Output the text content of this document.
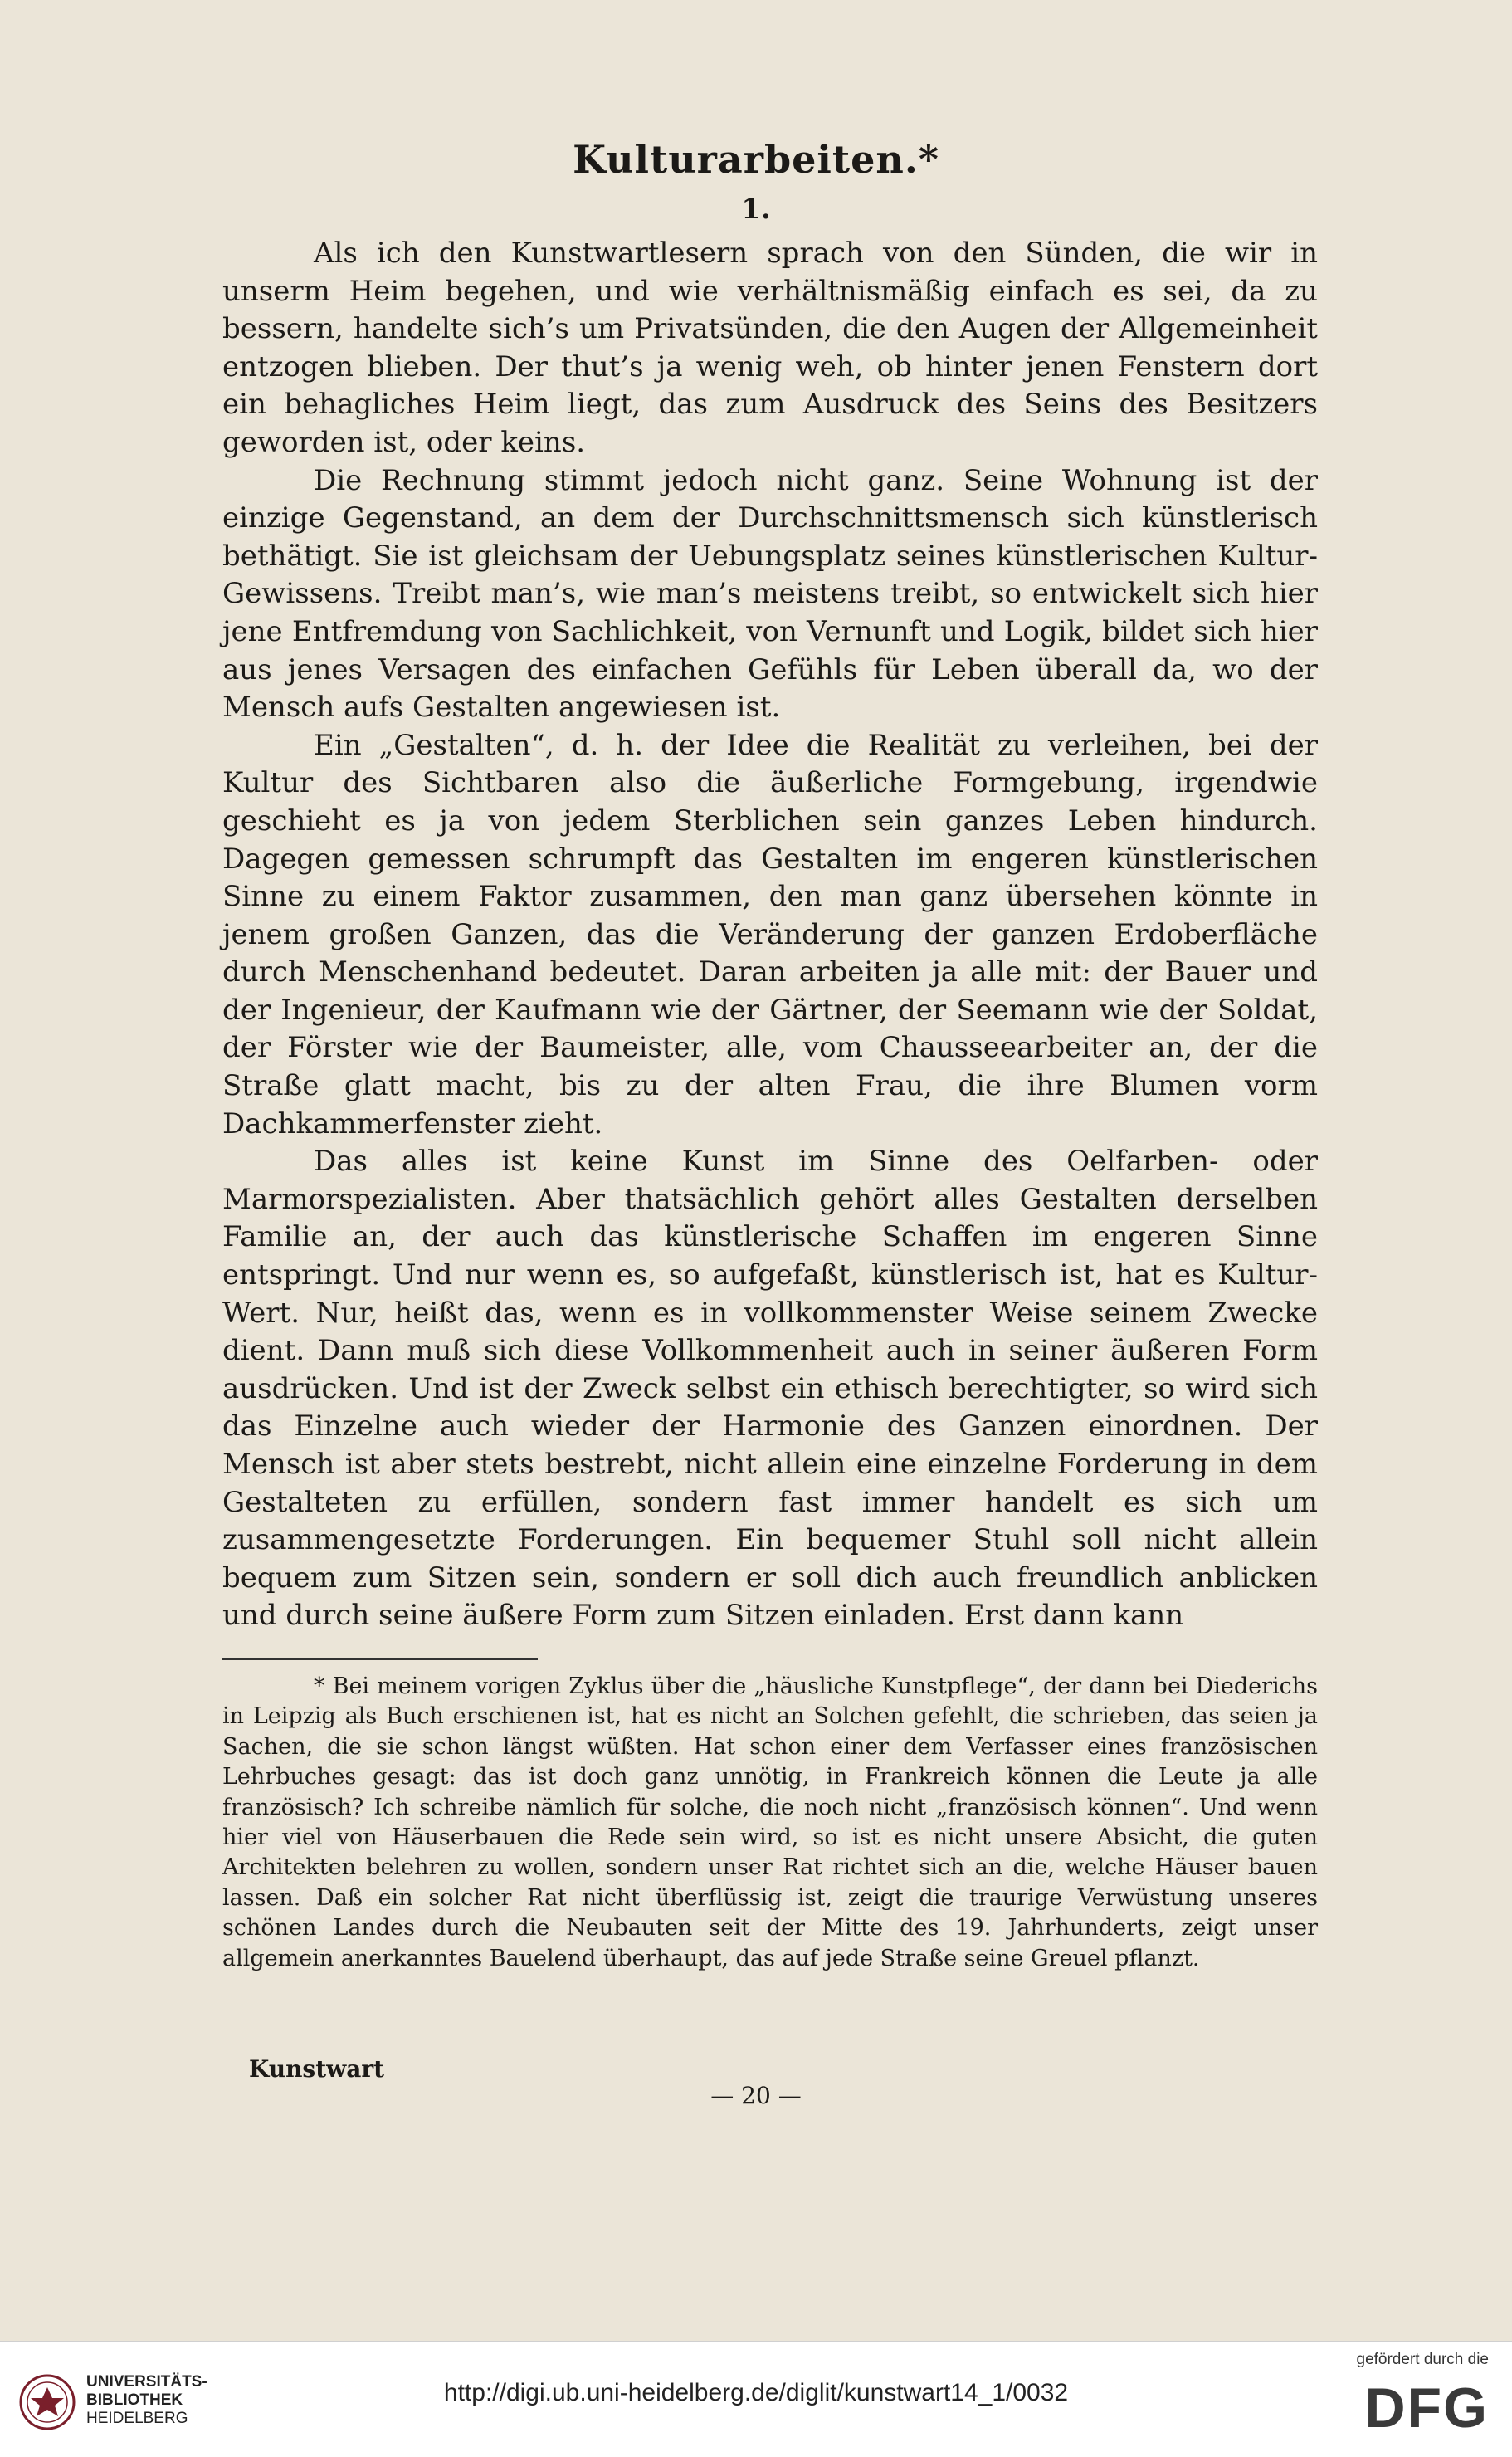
Kulturarbeiten.*
1.

Als ich den Kunstwartlesern sprach von den Sünden, die wir in unserm Heim begehen, und wie verhältnismäßig einfach es sei, da zu bessern, handelte sich’s um Privatsünden, die den Augen der Allgemeinheit entzogen blieben. Der thut’s ja wenig weh, ob hinter jenen Fenstern dort ein behagliches Heim liegt, das zum Ausdruck des Seins des Besitzers geworden ist, oder keins.

Die Rechnung stimmt jedoch nicht ganz. Seine Wohnung ist der einzige Gegenstand, an dem der Durchschnittsmensch sich künstlerisch bethätigt. Sie ist gleichsam der Uebungsplatz seines künstlerischen Kultur-Gewissens. Treibt man’s, wie man’s meistens treibt, so entwickelt sich hier jene Entfremdung von Sachlichkeit, von Vernunft und Logik, bildet sich hier aus jenes Versagen des einfachen Gefühls für Leben überall da, wo der Mensch aufs Gestalten angewiesen ist.

Ein „Gestalten“, d. h. der Idee die Realität zu verleihen, bei der Kultur des Sichtbaren also die äußerliche Formgebung, irgendwie geschieht es ja von jedem Sterblichen sein ganzes Leben hindurch. Dagegen gemessen schrumpft das Gestalten im engeren künstlerischen Sinne zu einem Faktor zusammen, den man ganz übersehen könnte in jenem großen Ganzen, das die Veränderung der ganzen Erdoberfläche durch Menschenhand bedeutet. Daran arbeiten ja alle mit: der Bauer und der Ingenieur, der Kaufmann wie der Gärtner, der Seemann wie der Soldat, der Förster wie der Baumeister, alle, vom Chausseearbeiter an, der die Straße glatt macht, bis zu der alten Frau, die ihre Blumen vorm Dachkammerfenster zieht.

Das alles ist keine Kunst im Sinne des Oelfarben- oder Marmorspezialisten. Aber thatsächlich gehört alles Gestalten derselben Familie an, der auch das künstlerische Schaffen im engeren Sinne entspringt. Und nur wenn es, so aufgefaßt, künstlerisch ist, hat es Kultur-Wert. Nur, heißt das, wenn es in vollkommenster Weise seinem Zwecke dient. Dann muß sich diese Vollkommenheit auch in seiner äußeren Form ausdrücken. Und ist der Zweck selbst ein ethisch berechtigter, so wird sich das Einzelne auch wieder der Harmonie des Ganzen einordnen. Der Mensch ist aber stets bestrebt, nicht allein eine einzelne Forderung in dem Gestalteten zu erfüllen, sondern fast immer handelt es sich um zusammengesetzte Forderungen. Ein bequemer Stuhl soll nicht allein bequem zum Sitzen sein, sondern er soll dich auch freundlich anblicken und durch seine äußere Form zum Sitzen einladen. Erst dann kann

* Bei meinem vorigen Zyklus über die „häusliche Kunstpflege“, der dann bei Diederichs in Leipzig als Buch erschienen ist, hat es nicht an Solchen gefehlt, die schrieben, das seien ja Sachen, die sie schon längst wüßten. Hat schon einer dem Verfasser eines französischen Lehrbuches gesagt: das ist doch ganz unnötig, in Frankreich können die Leute ja alle französisch? Ich schreibe nämlich für solche, die noch nicht „französisch können“. Und wenn hier viel von Häuserbauen die Rede sein wird, so ist es nicht unsere Absicht, die guten Architekten belehren zu wollen, sondern unser Rat richtet sich an die, welche Häuser bauen lassen. Daß ein solcher Rat nicht überflüssig ist, zeigt die traurige Verwüstung unseres schönen Landes durch die Neubauten seit der Mitte des 19. Jahrhunderts, zeigt unser allgemein anerkanntes Bauelend überhaupt, das auf jede Straße seine Greuel pflanzt.

Kunstwart
— 20 —
UNIVERSITÄTS-
BIBLIOTHEK
HEIDELBERG
http://digi.ub.uni-heidelberg.de/diglit/kunstwart14_1/0032
gefördert durch die
DFG
